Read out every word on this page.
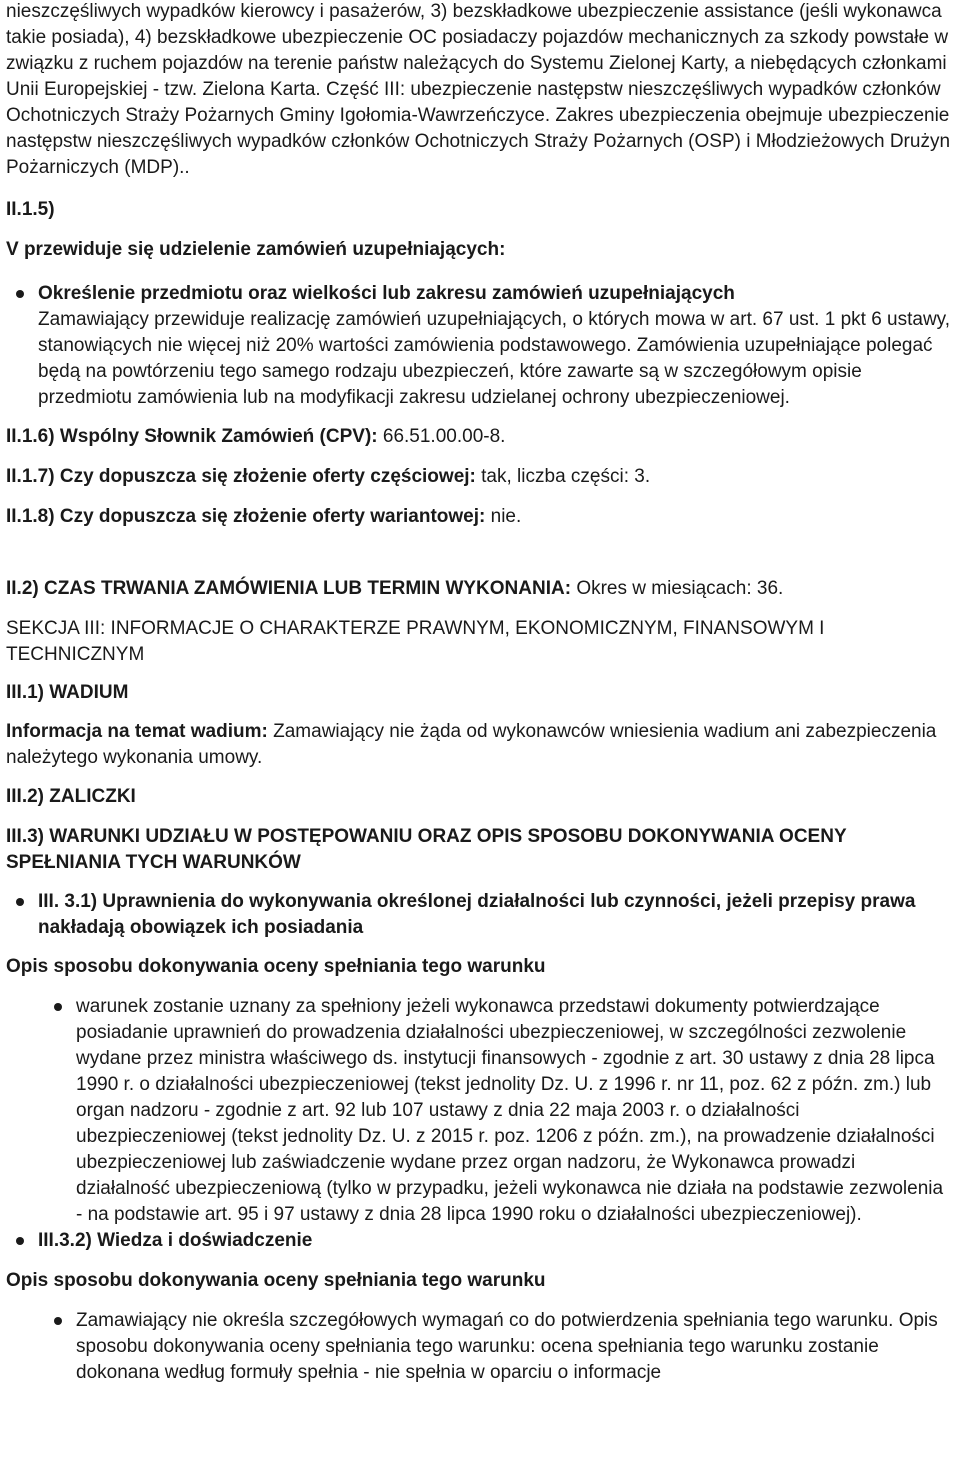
nieszczęśliwych wypadków kierowcy i pasażerów, 3) bezskładkowe ubezpieczenie assistance (jeśli wykonawca takie posiada), 4) bezskładkowe ubezpieczenie OC posiadaczy pojazdów mechanicznych za szkody powstałe w związku z ruchem pojazdów na terenie państw należących do Systemu Zielonej Karty, a niebędących członkami Unii Europejskiej - tzw. Zielona Karta. Część III: ubezpieczenie następstw nieszczęśliwych wypadków członków Ochotniczych Straży Pożarnych Gminy Igołomia-Wawrzeńczyce. Zakres ubezpieczenia obejmuje ubezpieczenie następstw nieszczęśliwych wypadków członków Ochotniczych Straży Pożarnych (OSP) i Młodzieżowych Drużyn Pożarniczych (MDP)..

II.1.5)

V przewiduje się udzielenie zamówień uzupełniających:

Określenie przedmiotu oraz wielkości lub zakresu zamówień uzupełniających
Zamawiający przewiduje realizację zamówień uzupełniających, o których mowa w art. 67 ust. 1 pkt 6 ustawy, stanowiących nie więcej niż 20% wartości zamówienia podstawowego. Zamówienia uzupełniające polegać będą na powtórzeniu tego samego rodzaju ubezpieczeń, które zawarte są w szczegółowym opisie przedmiotu zamówienia lub na modyfikacji zakresu udzielanej ochrony ubezpieczeniowej.

II.1.6) Wspólny Słownik Zamówień (CPV): 66.51.00.00-8.

II.1.7) Czy dopuszcza się złożenie oferty częściowej: tak, liczba części: 3.

II.1.8) Czy dopuszcza się złożenie oferty wariantowej: nie.

II.2) CZAS TRWANIA ZAMÓWIENIA LUB TERMIN WYKONANIA: Okres w miesiącach: 36.

SEKCJA III: INFORMACJE O CHARAKTERZE PRAWNYM, EKONOMICZNYM, FINANSOWYM I TECHNICZNYM

III.1) WADIUM

Informacja na temat wadium: Zamawiający nie żąda od wykonawców wniesienia wadium ani zabezpieczenia należytego wykonania umowy.

III.2) ZALICZKI

III.3) WARUNKI UDZIAŁU W POSTĘPOWANIU ORAZ OPIS SPOSOBU DOKONYWANIA OCENY SPEŁNIANIA TYCH WARUNKÓW

III. 3.1) Uprawnienia do wykonywania określonej działalności lub czynności, jeżeli przepisy prawa nakładają obowiązek ich posiadania

Opis sposobu dokonywania oceny spełniania tego warunku

warunek zostanie uznany za spełniony jeżeli wykonawca przedstawi dokumenty potwierdzające posiadanie uprawnień do prowadzenia działalności ubezpieczeniowej, w szczególności zezwolenie wydane przez ministra właściwego ds. instytucji finansowych - zgodnie z art. 30 ustawy z dnia 28 lipca 1990 r. o działalności ubezpieczeniowej (tekst jednolity Dz. U. z 1996 r. nr 11, poz. 62 z późn. zm.) lub organ nadzoru - zgodnie z art. 92 lub 107 ustawy z dnia 22 maja 2003 r. o działalności ubezpieczeniowej (tekst jednolity Dz. U. z 2015 r. poz. 1206 z późn. zm.), na prowadzenie działalności ubezpieczeniowej lub zaświadczenie wydane przez organ nadzoru, że Wykonawca prowadzi działalność ubezpieczeniową (tylko w przypadku, jeżeli wykonawca nie działa na podstawie zezwolenia - na podstawie art. 95 i 97 ustawy z dnia 28 lipca 1990 roku o działalności ubezpieczeniowej).
III.3.2) Wiedza i doświadczenie

Opis sposobu dokonywania oceny spełniania tego warunku

Zamawiający nie określa szczegółowych wymagań co do potwierdzenia spełniania tego warunku. Opis sposobu dokonywania oceny spełniania tego warunku: ocena spełniania tego warunku zostanie dokonana według formuły spełnia - nie spełnia w oparciu o informacje
